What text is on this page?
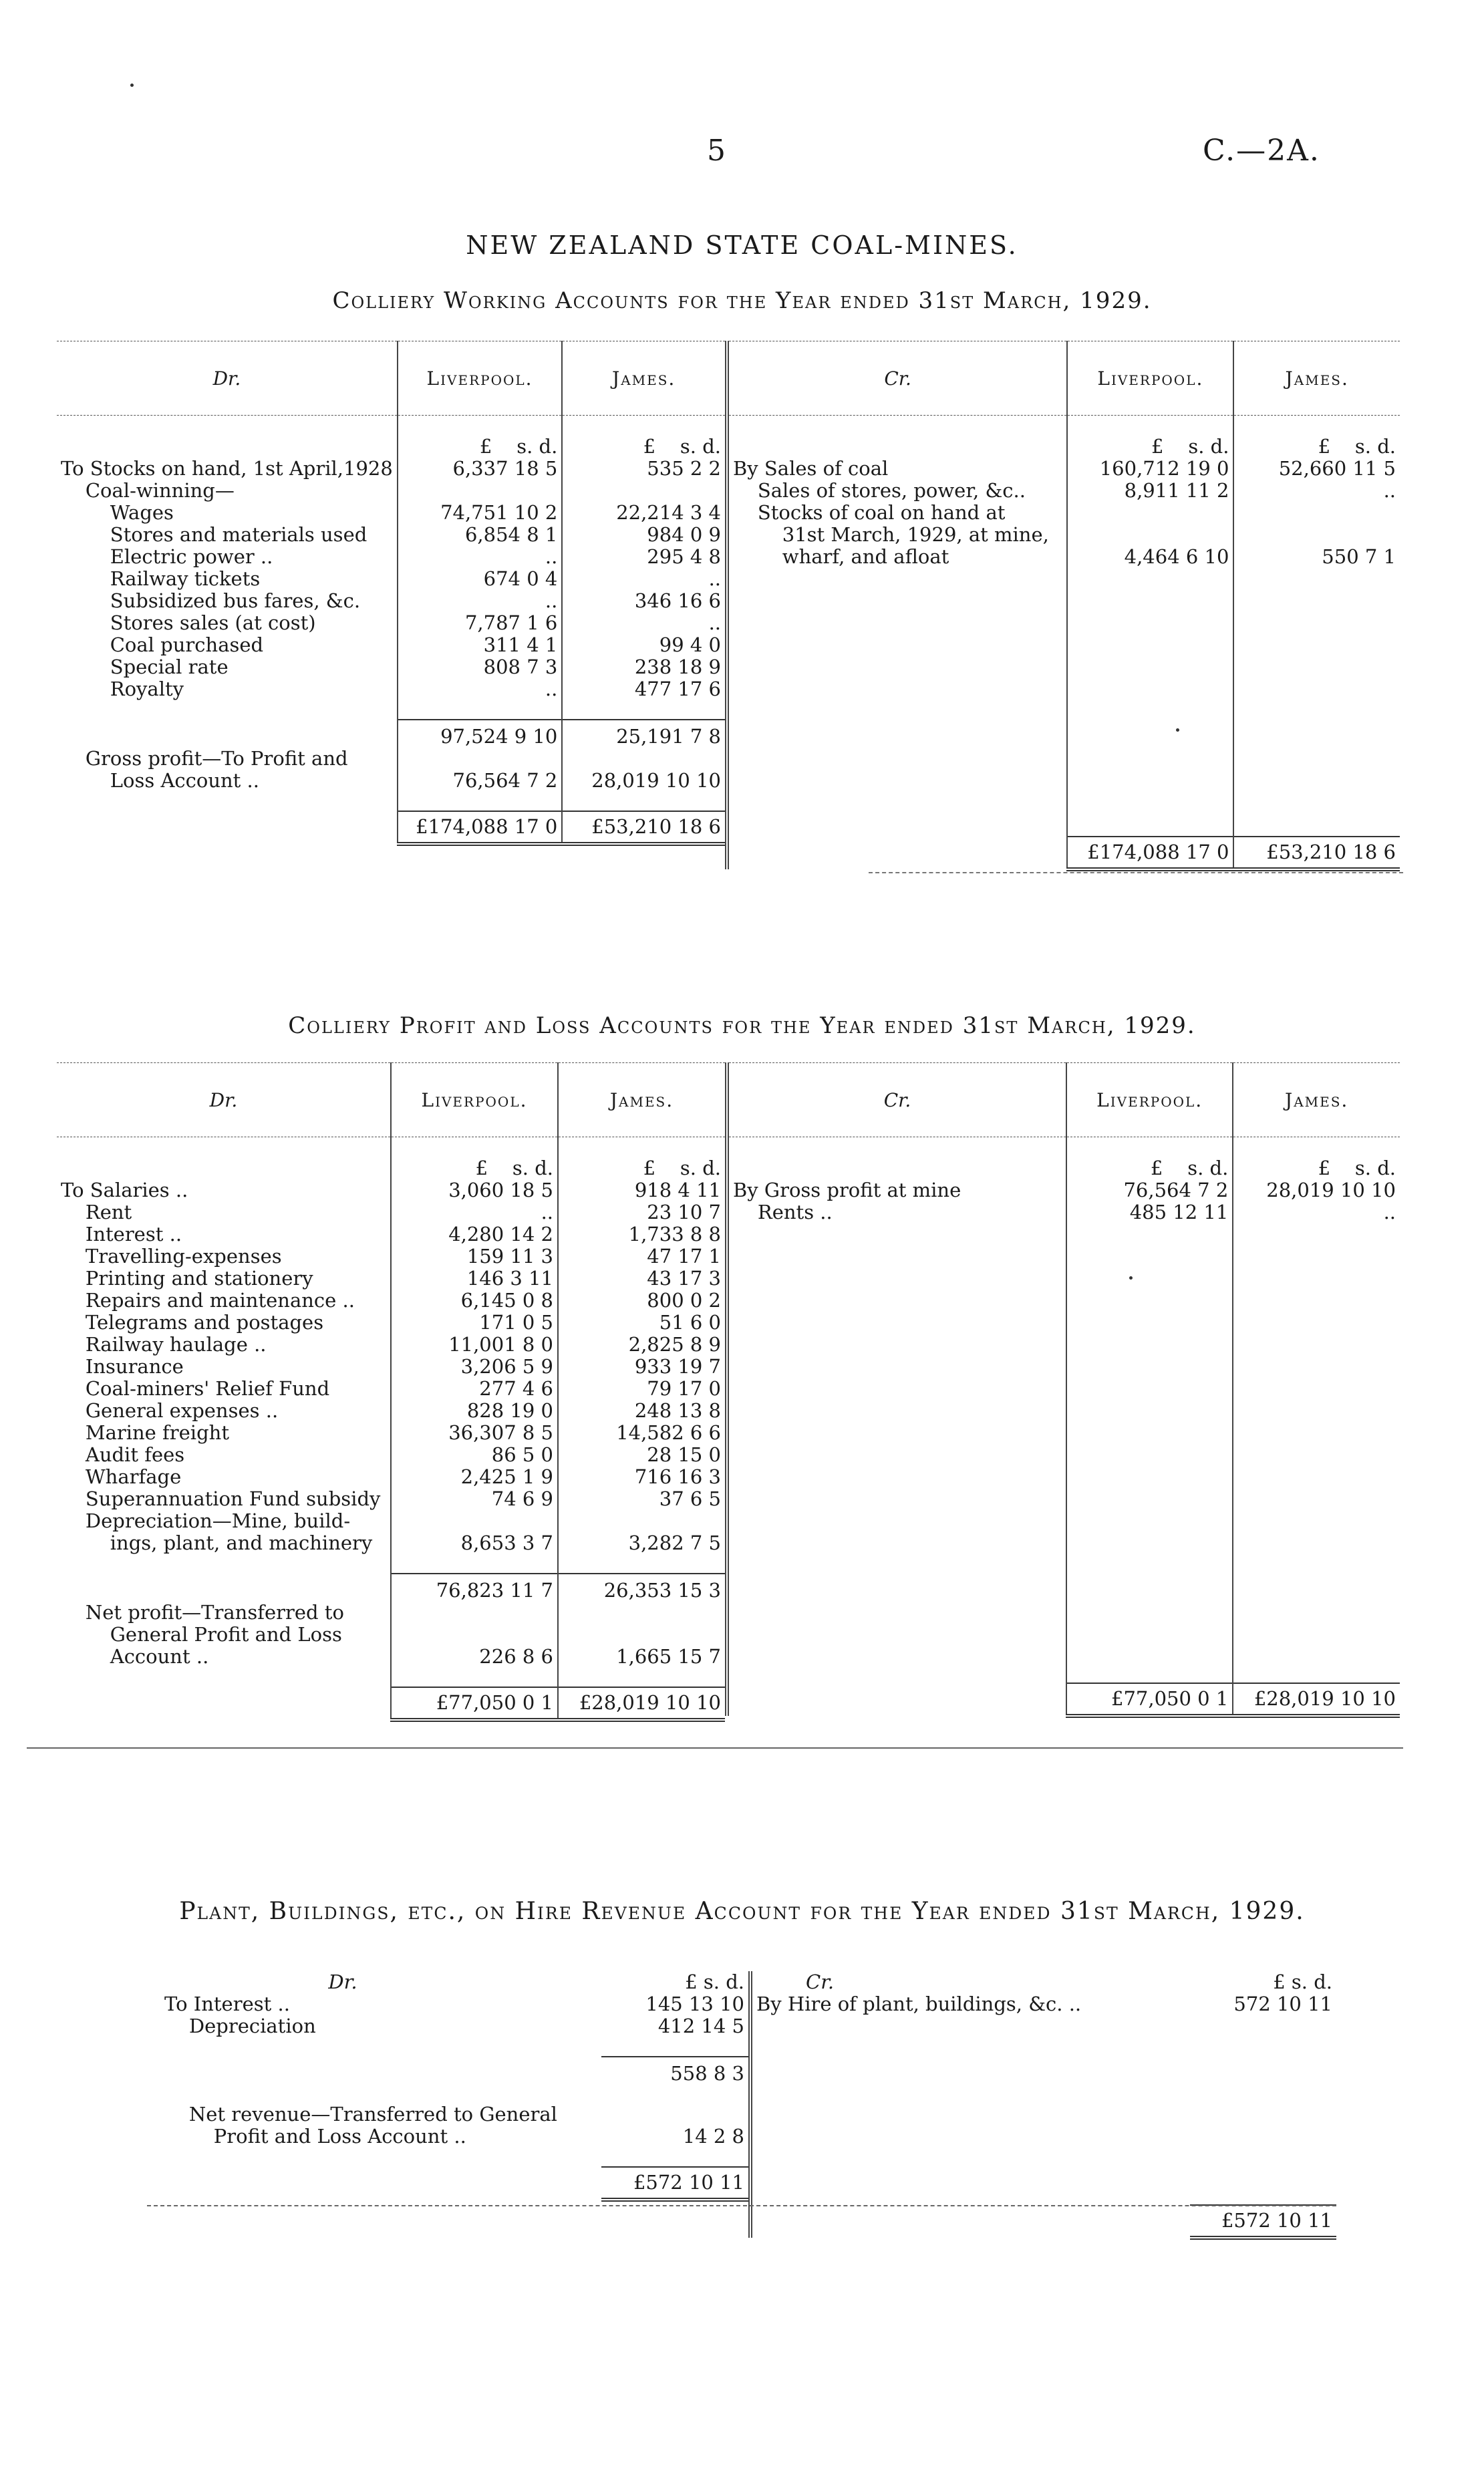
5	C.—2A.
NEW ZEALAND STATE COAL-MINES.
Colliery Working Accounts for the Year ended 31st March, 1929.
Dr.	Liverpool.	James.
	£ s. d.	£ s. d.
To Stocks on hand, 1st April,1928	6,337 18 5	535 2 2
Coal-winning—		
Wages	74,751 10 2	22,214 3 4
Stores and materials used	6,854 8 1	984 0 9
Electric power ..	..	295 4 8
Railway tickets	674 0 4	..
Subsidized bus fares, &c.	..	346 16 6
Stores sales (at cost)	7,787 1 6	..
Coal purchased	311 4 1	99 4 0
Special rate	808 7 3	238 18 9
Royalty	..	477 17 6

	97,524 9 10	25,191 7 8
Gross profit—To Profit and		
Loss Account ..	76,564 7 2	28,019 10 10

	£174,088 17 0	£53,210 18 6
Cr.	Liverpool.	James.
	£ s. d.	£ s. d.
By Sales of coal	160,712 19 0	52,660 11 5
Sales of stores, power, &c..	8,911 11 2	..
Stocks of coal on hand at		
31st March, 1929, at mine,		
wharf, and afloat	4,464 6 10	550 7 1

	£174,088 17 0	£53,210 18 6
Colliery Profit and Loss Accounts for the Year ended 31st March, 1929.
Dr.	Liverpool.	James.
	£ s. d.	£ s. d.
To Salaries ..	3,060 18 5	918 4 11
Rent	..	23 10 7
Interest ..	4,280 14 2	1,733 8 8
Travelling-expenses	159 11 3	47 17 1
Printing and stationery	146 3 11	43 17 3
Repairs and maintenance ..	6,145 0 8	800 0 2
Telegrams and postages	171 0 5	51 6 0
Railway haulage ..	11,001 8 0	2,825 8 9
Insurance	3,206 5 9	933 19 7
Coal-miners' Relief Fund	277 4 6	79 17 0
General expenses ..	828 19 0	248 13 8
Marine freight	36,307 8 5	14,582 6 6
Audit fees	86 5 0	28 15 0
Wharfage	2,425 1 9	716 16 3
Superannuation Fund subsidy	74 6 9	37 6 5
Depreciation—Mine, build-		
ings, plant, and machinery	8,653 3 7	3,282 7 5

	76,823 11 7	26,353 15 3
Net profit—Transferred to		
General Profit and Loss		
Account ..	226 8 6	1,665 15 7

	£77,050 0 1	£28,019 10 10
Cr.	Liverpool.	James.
	£ s. d.	£ s. d.
By Gross profit at mine	76,564 7 2	28,019 10 10
Rents ..	485 12 11	..

	£77,050 0 1	£28,019 10 10
Plant, Buildings, etc., on Hire Revenue Account for the Year ended 31st March, 1929.
Dr.	£ s. d.
To Interest ..	145 13 10
Depreciation	412 14 5

	558 8 3

Net revenue—Transferred to General	
Profit and Loss Account ..	14 2 8

	£572 10 11
Cr.	£ s. d.
By Hire of plant, buildings, &c. ..	572 10 11

	£572 10 11
